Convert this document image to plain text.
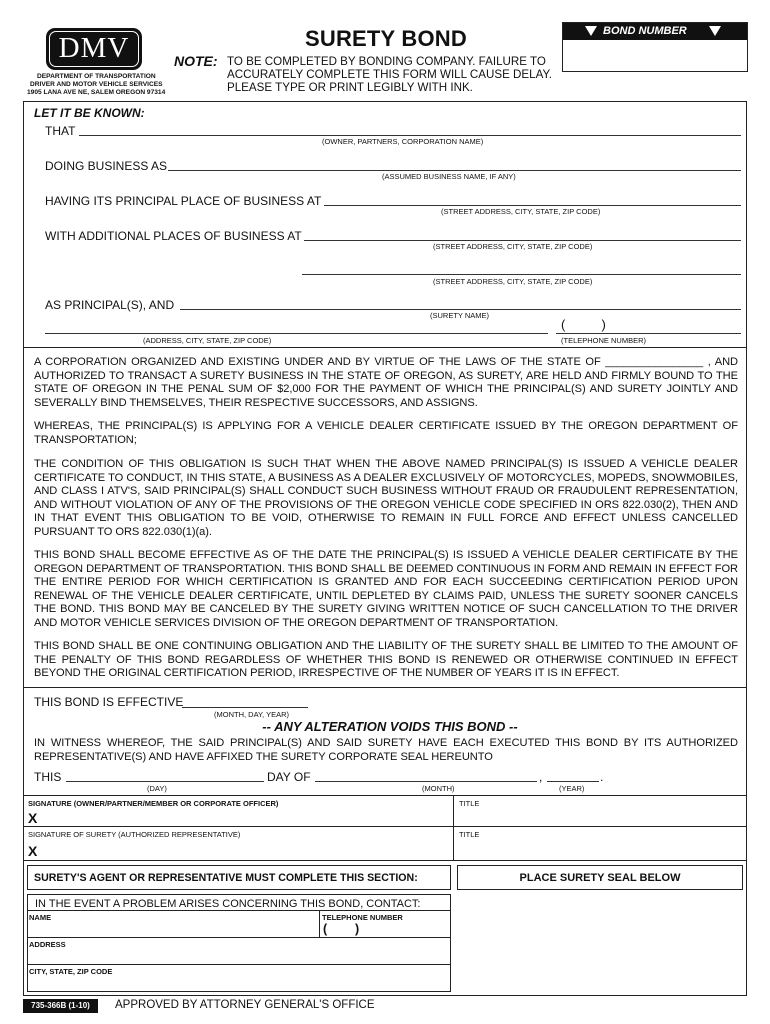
DMV
DEPARTMENT OF TRANSPORTATION
DRIVER AND MOTOR VEHICLE SERVICES
1905 LANA AVE NE, SALEM OREGON 97314
SURETY BOND
NOTE: TO BE COMPLETED BY BONDING COMPANY. FAILURE TO
ACCURATELY COMPLETE THIS FORM WILL CAUSE DELAY.
PLEASE TYPE OR PRINT LEGIBLY WITH INK.
BOND NUMBER
LET IT BE KNOWN:
THAT
(OWNER, PARTNERS, CORPORATION NAME)
DOING BUSINESS AS
(ASSUMED BUSINESS NAME, IF ANY)
HAVING ITS PRINCIPAL PLACE OF BUSINESS AT
(STREET ADDRESS, CITY, STATE, ZIP CODE)
WITH ADDITIONAL PLACES OF BUSINESS AT
(STREET ADDRESS, CITY, STATE, ZIP CODE)
(STREET ADDRESS, CITY, STATE, ZIP CODE)
AS PRINCIPAL(S), AND
(SURETY NAME)
(          )
(ADDRESS, CITY, STATE, ZIP CODE)	(TELEPHONE NUMBER)
A CORPORATION ORGANIZED AND EXISTING UNDER AND BY VIRTUE OF THE LAWS OF THE STATE OF ________________ , AND AUTHORIZED TO TRANSACT A SURETY BUSINESS IN THE STATE OF OREGON, AS SURETY, ARE HELD AND FIRMLY BOUND TO THE STATE OF OREGON IN THE PENAL SUM OF $2,000 FOR THE PAYMENT OF WHICH THE PRINCIPAL(S) AND SURETY JOINTLY AND SEVERALLY BIND THEMSELVES, THEIR RESPECTIVE SUCCESSORS, AND ASSIGNS.
WHEREAS, THE PRINCIPAL(S) IS APPLYING FOR A VEHICLE DEALER CERTIFICATE ISSUED BY THE OREGON DEPARTMENT OF TRANSPORTATION;
THE CONDITION OF THIS OBLIGATION IS SUCH THAT WHEN THE ABOVE NAMED PRINCIPAL(S) IS ISSUED A VEHICLE DEALER CERTIFICATE TO CONDUCT, IN THIS STATE, A BUSINESS AS A DEALER EXCLUSIVELY OF MOTORCYCLES, MOPEDS, SNOWMOBILES, AND CLASS I ATV'S, SAID PRINCIPAL(S) SHALL CONDUCT SUCH BUSINESS WITHOUT FRAUD OR FRAUDULENT REPRESENTATION, AND WITHOUT VIOLATION OF ANY OF THE PROVISIONS OF THE OREGON VEHICLE CODE SPECIFIED IN ORS 822.030(2), THEN AND IN THAT EVENT THIS OBLIGATION TO BE VOID, OTHERWISE TO REMAIN IN FULL FORCE AND EFFECT UNLESS CANCELLED PURSUANT TO ORS 822.030(1)(a).
THIS BOND SHALL BECOME EFFECTIVE AS OF THE DATE THE PRINCIPAL(S) IS ISSUED A VEHICLE DEALER CERTIFICATE BY THE OREGON DEPARTMENT OF TRANSPORTATION. THIS BOND SHALL BE DEEMED CONTINUOUS IN FORM AND REMAIN IN EFFECT FOR THE ENTIRE PERIOD FOR WHICH CERTIFICATION IS GRANTED AND FOR EACH SUCCEEDING CERTIFICATION PERIOD UPON RENEWAL OF THE VEHICLE DEALER CERTIFICATE, UNTIL DEPLETED BY CLAIMS PAID, UNLESS THE SURETY SOONER CANCELS THE BOND. THIS BOND MAY BE CANCELED BY THE SURETY GIVING WRITTEN NOTICE OF SUCH CANCELLATION TO THE DRIVER AND MOTOR VEHICLE SERVICES DIVISION OF THE OREGON DEPARTMENT OF TRANSPORTATION.
THIS BOND SHALL BE ONE CONTINUING OBLIGATION AND THE LIABILITY OF THE SURETY SHALL BE LIMITED TO THE AMOUNT OF THE PENALTY OF THIS BOND REGARDLESS OF WHETHER THIS BOND IS RENEWED OR OTHERWISE CONTINUED IN EFFECT BEYOND THE ORIGINAL CERTIFICATION PERIOD, IRRESPECTIVE OF THE NUMBER OF YEARS IT IS IN EFFECT.
THIS BOND IS EFFECTIVE
(MONTH, DAY, YEAR)
-- ANY ALTERATION VOIDS THIS BOND --
IN WITNESS WHEREOF, THE SAID PRINCIPAL(S) AND SAID SURETY HAVE EACH EXECUTED THIS BOND BY ITS AUTHORIZED REPRESENTATIVE(S) AND HAVE AFFIXED THE SURETY CORPORATE SEAL HEREUNTO
THIS	DAY OF	,	.
(DAY)	(MONTH)	(YEAR)
SIGNATURE (OWNER/PARTNER/MEMBER OR CORPORATE OFFICER)	TITLE
X
SIGNATURE OF SURETY (AUTHORIZED REPRESENTATIVE)	TITLE
X
SURETY'S AGENT OR REPRESENTATIVE MUST COMPLETE THIS SECTION:	PLACE SURETY SEAL BELOW
IN THE EVENT A PROBLEM ARISES CONCERNING THIS BOND, CONTACT:
NAME	TELEPHONE NUMBER
(        )
ADDRESS
CITY, STATE, ZIP CODE
735-366B (1-10)	APPROVED BY ATTORNEY GENERAL'S OFFICE
